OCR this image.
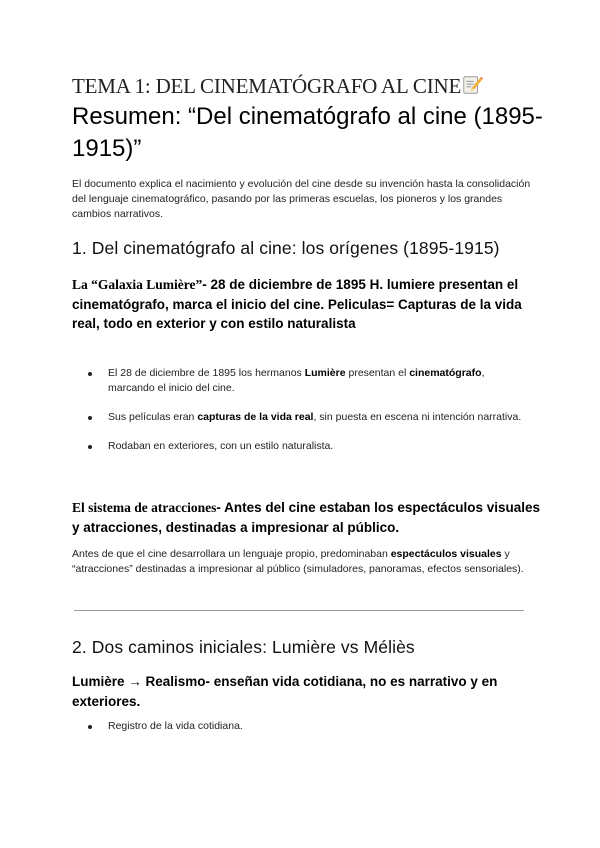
TEMA 1: DEL CINEMATÓGRAFO AL CINE
Resumen: “Del cinematógrafo al cine (1895-1915)”
El documento explica el nacimiento y evolución del cine desde su invención hasta la consolidación del lenguaje cinematográfico, pasando por las primeras escuelas, los pioneros y los grandes cambios narrativos.
1. Del cinematógrafo al cine: los orígenes (1895-1915)
La “Galaxia Lumière”- 28 de diciembre de 1895 H. lumiere presentan el cinematógrafo, marca el inicio del cine. Peliculas= Capturas de la vida real, todo en exterior y con estilo naturalista
El 28 de diciembre de 1895 los hermanos Lumière presentan el cinematógrafo, marcando el inicio del cine.
Sus películas eran capturas de la vida real, sin puesta en escena ni intención narrativa.
Rodaban en exteriores, con un estilo naturalista.
El sistema de atracciones- Antes del cine estaban los espectáculos visuales y atracciones, destinadas a impresionar al público.
Antes de que el cine desarrollara un lenguaje propio, predominaban espectáculos visuales y “atracciones” destinadas a impresionar al público (simuladores, panoramas, efectos sensoriales).
2. Dos caminos iniciales: Lumière vs Méliès
Lumière → Realismo- enseñan vida cotidiana, no es narrativo y en exteriores.
Registro de la vida cotidiana.
